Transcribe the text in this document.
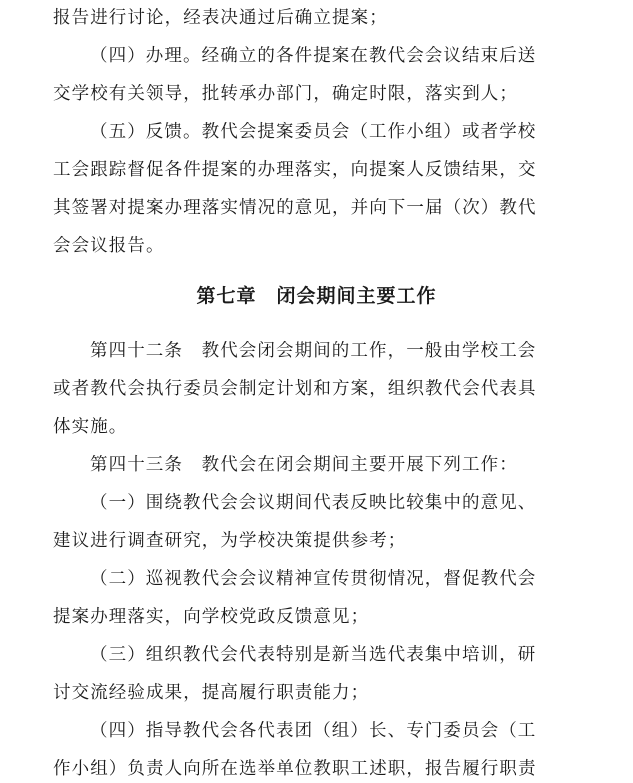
报告进行讨论，经表决通过后确立提案；
（四）办理。经确立的各件提案在教代会会议结束后送
交学校有关领导，批转承办部门，确定时限，落实到人；
（五）反馈。教代会提案委员会（工作小组）或者学校
工会跟踪督促各件提案的办理落实，向提案人反馈结果，交
其签署对提案办理落实情况的意见，并向下一届（次）教代
会会议报告。
第七章　闭会期间主要工作
第四十二条　教代会闭会期间的工作，一般由学校工会
或者教代会执行委员会制定计划和方案，组织教代会代表具
体实施。
第四十三条　教代会在闭会期间主要开展下列工作：
（一）围绕教代会会议期间代表反映比较集中的意见、
建议进行调查研究，为学校决策提供参考；
（二）巡视教代会会议精神宣传贯彻情况，督促教代会
提案办理落实，向学校党政反馈意见；
（三）组织教代会代表特别是新当选代表集中培训，研
讨交流经验成果，提高履行职责能力；
（四）指导教代会各代表团（组）长、专门委员会（工
作小组）负责人向所在选举单位教职工述职，报告履行职责
